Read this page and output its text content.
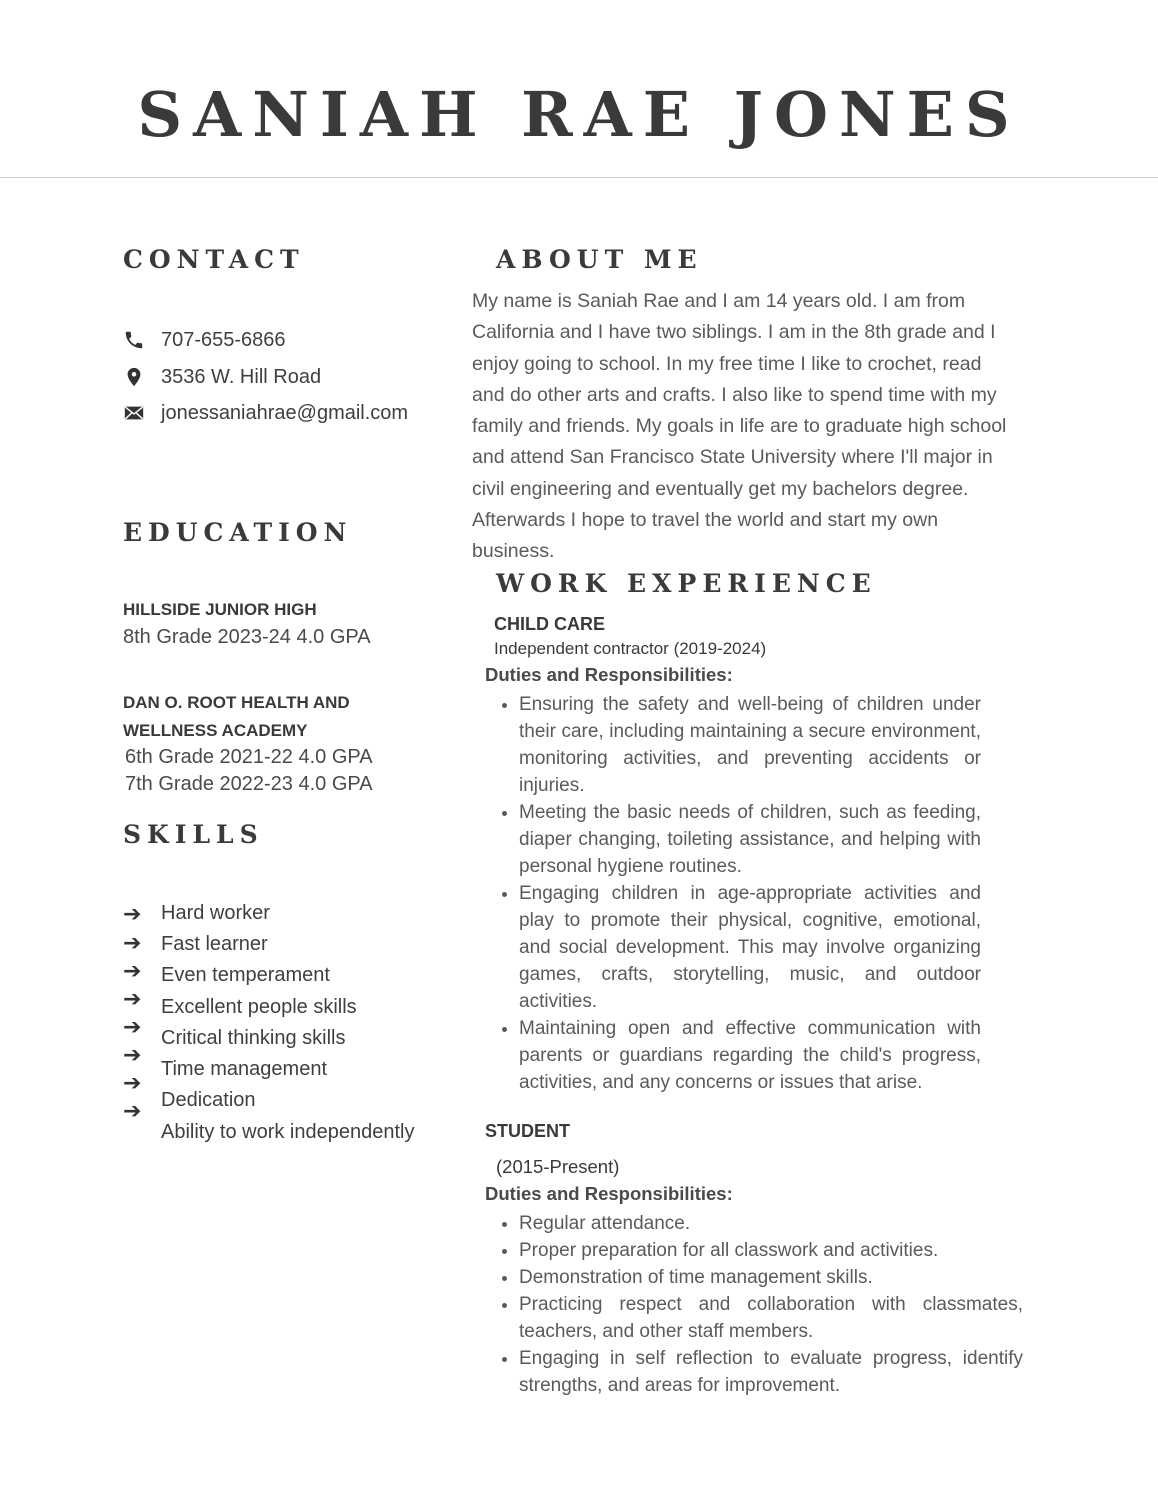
SANIAH RAE JONES
CONTACT
707-655-6866
3536 W. Hill Road
jonessaniahrae@gmail.com
EDUCATION

HILLSIDE JUNIOR HIGH

8th Grade 2023-24 4.0 GPA

DAN O. ROOT HEALTH AND

WELLNESS ACADEMY

6th Grade 2021-22 4.0 GPA

7th Grade 2022-23 4.0 GPA

SKILLS
➔
➔
➔
➔
➔
➔
➔
➔
Hard worker
Fast learner
Even temperament
Excellent people skills
Critical thinking skills
Time management
Dedication
Ability to work independently
ABOUT ME

My name is Saniah Rae and I am 14 years old. I am from California and I have two siblings. I am in the 8th grade and I enjoy going to school. In my free time I like to crochet, read and do other arts and crafts. I also like to spend time with my family and friends. My goals in life are to graduate high school and attend San Francisco State University where I'll major in civil engineering and eventually get my bachelors degree. Afterwards I hope to travel the world and start my own business.

WORK EXPERIENCE

CHILD CARE

Independent contractor (2019-2024)

Duties and Responsibilities:

• Ensuring the safety and well-being of children under their care, including maintaining a secure environment, monitoring activities, and preventing accidents or injuries.
• Meeting the basic needs of children, such as feeding, diaper changing, toileting assistance, and helping with personal hygiene routines.
• Engaging children in age-appropriate activities and play to promote their physical, cognitive, emotional, and social development. This may involve organizing games, crafts, storytelling, music, and outdoor activities.
• Maintaining open and effective communication with parents or guardians regarding the child's progress, activities, and any concerns or issues that arise.

STUDENT

(2015-Present)

Duties and Responsibilities:

• Regular attendance.
• Proper preparation for all classwork and activities.
• Demonstration of time management skills.
• Practicing respect and collaboration with classmates, teachers, and other staff members.
• Engaging in self reflection to evaluate progress, identify strengths, and areas for improvement.
